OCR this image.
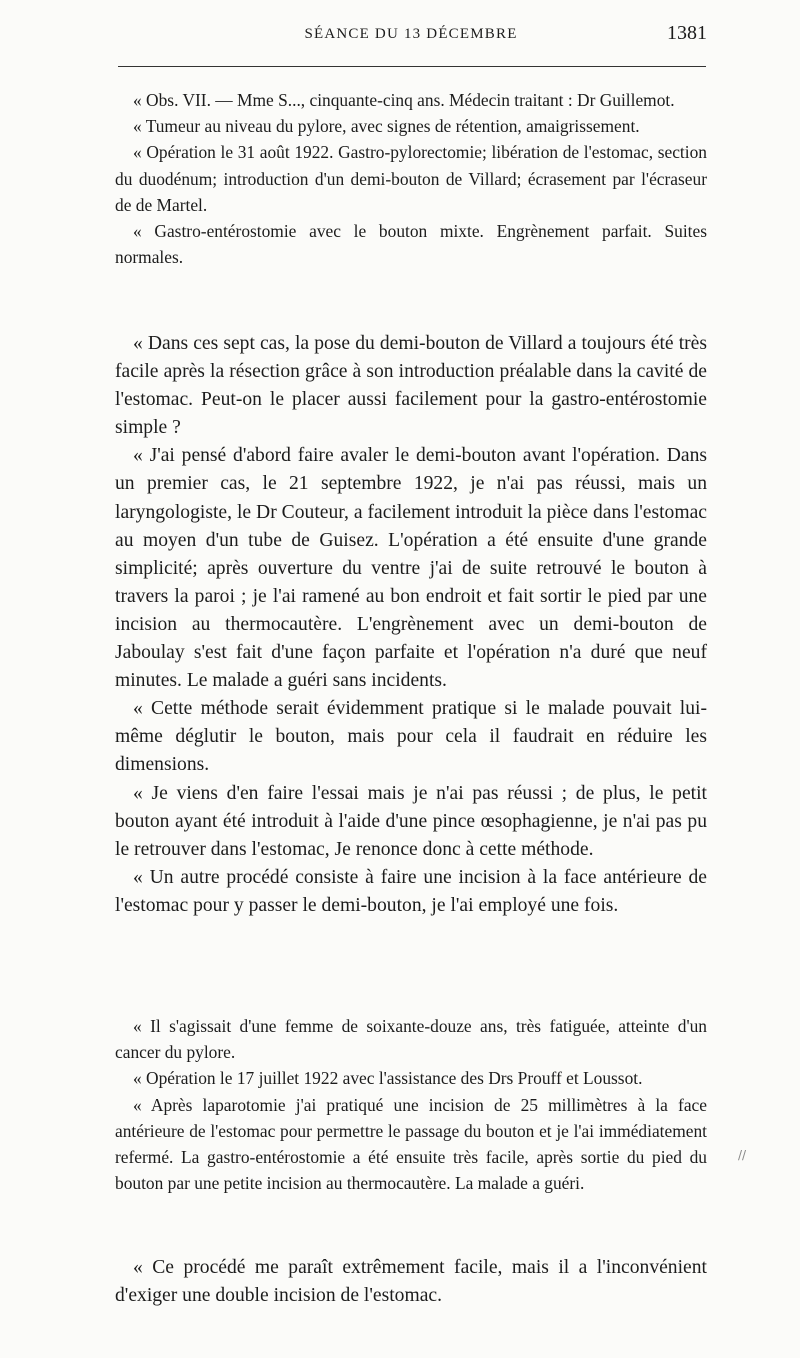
SÉANCE DU 13 DÉCEMBRE	1381

« Obs. VII. — Mme S..., cinquante-cinq ans. Médecin traitant : Dr Guillemot.

« Tumeur au niveau du pylore, avec signes de rétention, amaigrissement.

« Opération le 31 août 1922. Gastro-pylorectomie; libération de l'estomac, section du duodénum; introduction d'un demi-bouton de Villard; écrasement par l'écraseur de de Martel.

« Gastro-entérostomie avec le bouton mixte. Engrènement parfait. Suites normales.

« Dans ces sept cas, la pose du demi-bouton de Villard a toujours été très facile après la résection grâce à son introduction préalable dans la cavité de l'estomac. Peut-on le placer aussi facilement pour la gastro-entérostomie simple ?

« J'ai pensé d'abord faire avaler le demi-bouton avant l'opération. Dans un premier cas, le 21 septembre 1922, je n'ai pas réussi, mais un laryngologiste, le Dr Couteur, a facilement introduit la pièce dans l'estomac au moyen d'un tube de Guisez. L'opération a été ensuite d'une grande simplicité; après ouverture du ventre j'ai de suite retrouvé le bouton à travers la paroi ; je l'ai ramené au bon endroit et fait sortir le pied par une incision au thermocautère. L'engrènement avec un demi-bouton de Jaboulay s'est fait d'une façon parfaite et l'opération n'a duré que neuf minutes. Le malade a guéri sans incidents.

« Cette méthode serait évidemment pratique si le malade pouvait lui-même déglutir le bouton, mais pour cela il faudrait en réduire les dimensions.

« Je viens d'en faire l'essai mais je n'ai pas réussi ; de plus, le petit bouton ayant été introduit à l'aide d'une pince œsophagienne, je n'ai pas pu le retrouver dans l'estomac, Je renonce donc à cette méthode.

« Un autre procédé consiste à faire une incision à la face antérieure de l'estomac pour y passer le demi-bouton, je l'ai employé une fois.

« Il s'agissait d'une femme de soixante-douze ans, très fatiguée, atteinte d'un cancer du pylore.

« Opération le 17 juillet 1922 avec l'assistance des Drs Prouff et Loussot.

« Après laparotomie j'ai pratiqué une incision de 25 millimètres à la face antérieure de l'estomac pour permettre le passage du bouton et je l'ai immédiatement refermé. La gastro-entérostomie a été ensuite très facile, après sortie du pied du bouton par une petite incision au thermocautère. La malade a guéri.

« Ce procédé me paraît extrêmement facile, mais il a l'inconvénient d'exiger une double incision de l'estomac.

//
